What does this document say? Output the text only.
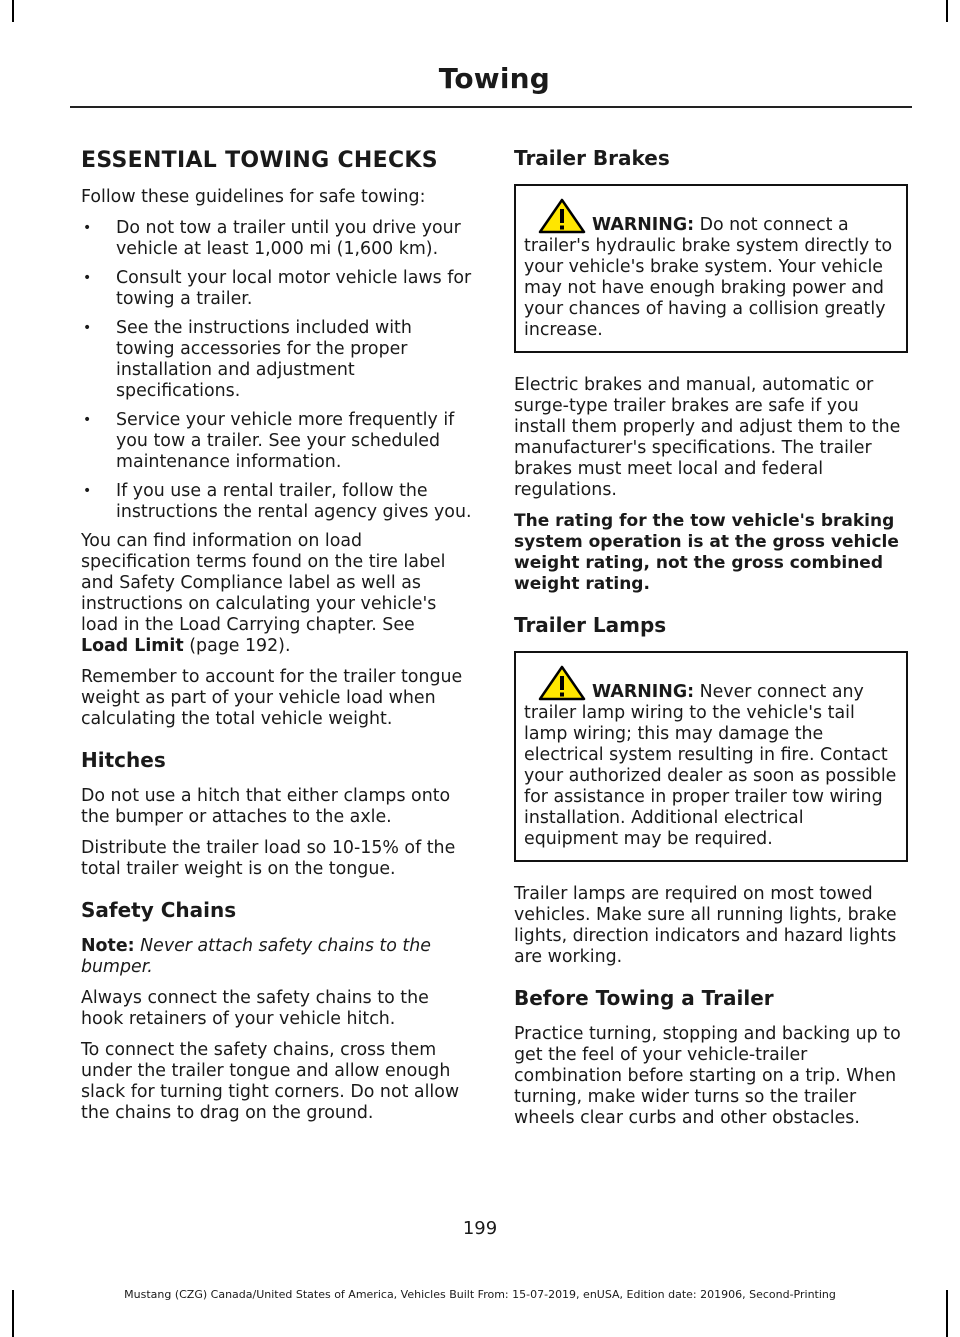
Towing
ESSENTIAL TOWING CHECKS

Follow these guidelines for safe towing:

• Do not tow a trailer until you drive your vehicle at least 1,000 mi (1,600 km).
• Consult your local motor vehicle laws for towing a trailer.
• See the instructions included with towing accessories for the proper installation and adjustment specifications.
• Service your vehicle more frequently if you tow a trailer. See your scheduled maintenance information.
• If you use a rental trailer, follow the instructions the rental agency gives you.

You can find information on load specification terms found on the tire label and Safety Compliance label as well as instructions on calculating your vehicle's load in the Load Carrying chapter. See
Load Limit (page 192).

Remember to account for the trailer tongue weight as part of your vehicle load when calculating the total vehicle weight.

Hitches

Do not use a hitch that either clamps onto the bumper or attaches to the axle.

Distribute the trailer load so 10-15% of the total trailer weight is on the tongue.

Safety Chains

Note: Never attach safety chains to the bumper.

Always connect the safety chains to the hook retainers of your vehicle hitch.

To connect the safety chains, cross them under the trailer tongue and allow enough slack for turning tight corners. Do not allow the chains to drag on the ground.

Trailer Brakes

WARNING: Do not connect a trailer's hydraulic brake system directly to your vehicle's brake system. Your vehicle may not have enough braking power and your chances of having a collision greatly increase.

Electric brakes and manual, automatic or surge-type trailer brakes are safe if you install them properly and adjust them to the manufacturer's specifications. The trailer brakes must meet local and federal regulations.

The rating for the tow vehicle's braking system operation is at the gross vehicle weight rating, not the gross combined weight rating.

Trailer Lamps

WARNING: Never connect any trailer lamp wiring to the vehicle's tail lamp wiring; this may damage the electrical system resulting in fire. Contact your authorized dealer as soon as possible for assistance in proper trailer tow wiring installation. Additional electrical equipment may be required.

Trailer lamps are required on most towed vehicles. Make sure all running lights, brake lights, direction indicators and hazard lights are working.

Before Towing a Trailer

Practice turning, stopping and backing up to get the feel of your vehicle-trailer combination before starting on a trip. When turning, make wider turns so the trailer wheels clear curbs and other obstacles.

199
Mustang (CZG) Canada/United States of America, Vehicles Built From: 15-07-2019, enUSA, Edition date: 201906, Second-Printing
